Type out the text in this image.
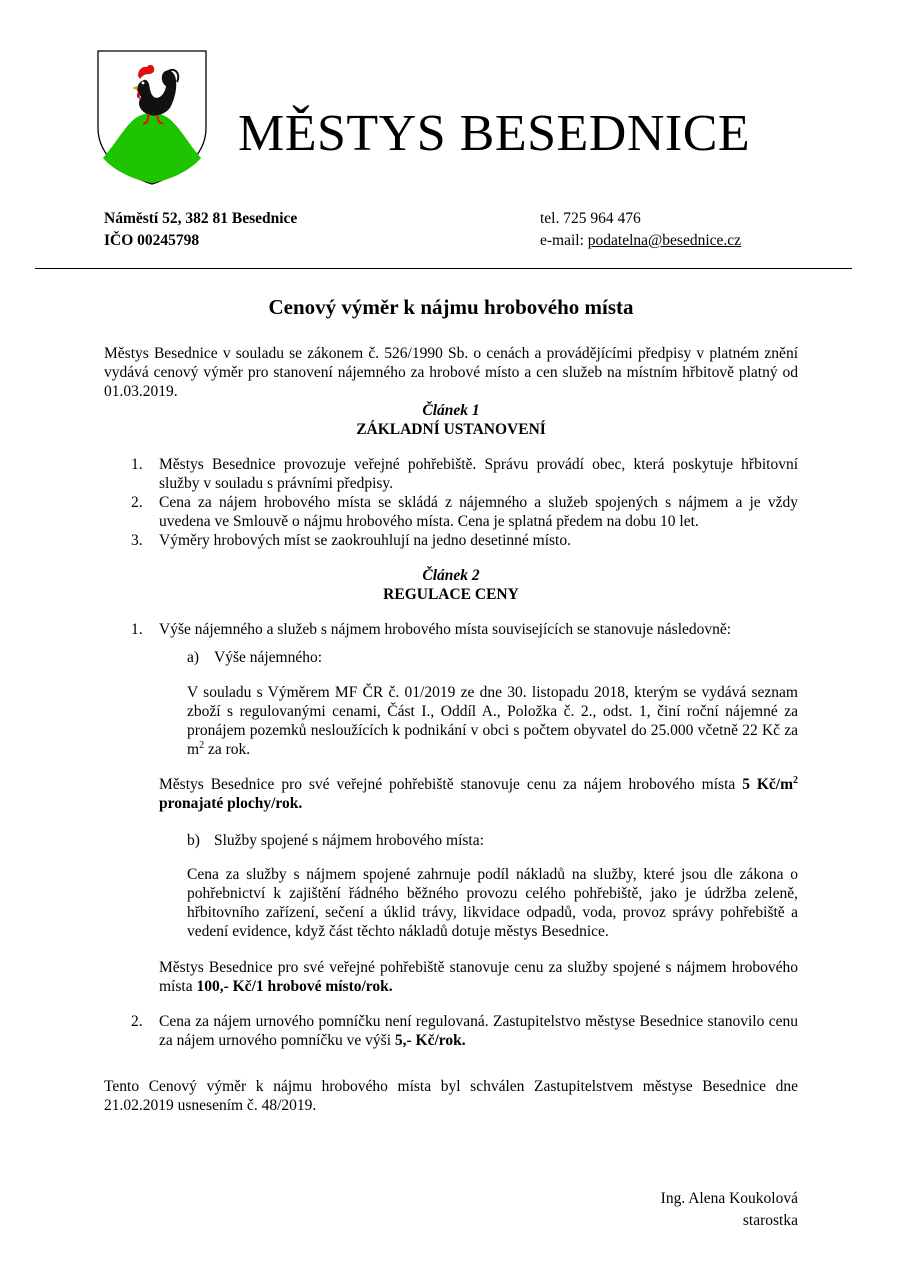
MĚSTYS BESEDNICE
Náměstí 52, 382 81 Besednice
IČO 00245798
tel. 725 964 476
e-mail: podatelna@besednice.cz
Cenový výměr k nájmu hrobového místa
Městys Besednice v souladu se zákonem č. 526/1990 Sb. o cenách a provádějícími předpisy v platném znění vydává cenový výměr pro stanovení nájemného za hrobové místo a cen služeb na místním hřbitově platný od 01.03.2019.
Článek 1
ZÁKLADNÍ USTANOVENÍ
1. Městys Besednice provozuje veřejné pohřebiště. Správu provádí obec, která poskytuje hřbitovní služby v souladu s právními předpisy.
2. Cena za nájem hrobového místa se skládá z nájemného a služeb spojených s nájmem a je vždy uvedena ve Smlouvě o nájmu hrobového místa. Cena je splatná předem na dobu 10 let.
3. Výměry hrobových míst se zaokrouhlují na jedno desetinné místo.
Článek 2
REGULACE CENY
1. Výše nájemného a služeb s nájmem hrobového místa souvisejících se stanovuje následovně:
a) Výše nájemného:
V souladu s Výměrem MF ČR č. 01/2019 ze dne 30. listopadu 2018, kterým se vydává seznam zboží s regulovanými cenami, Část I., Oddíl A., Položka č. 2., odst. 1, činí roční nájemné za pronájem pozemků nesloužících k podnikání v obci s počtem obyvatel do 25.000 včetně 22 Kč za $m^2$ za rok.
Městys Besednice pro své veřejné pohřebiště stanovuje cenu za nájem hrobového místa 5 $Kč/m^2$ pronajaté plochy/rok.
b) Služby spojené s nájmem hrobového místa:
Cena za služby s nájmem spojené zahrnuje podíl nákladů na služby, které jsou dle zákona o pohřebnictví k zajištění řádného běžného provozu celého pohřebiště, jako je údržba zeleně, hřbitovního zařízení, sečení a úklid trávy, likvidace odpadů, voda, provoz správy pohřebiště a vedení evidence, když část těchto nákladů dotuje městys Besednice.
Městys Besednice pro své veřejné pohřebiště stanovuje cenu za služby spojené s nájmem hrobového místa 100,- Kč/1 hrobové místo/rok.
2. Cena za nájem urnového pomníčku není regulovaná. Zastupitelstvo městyse Besednice stanovilo cenu za nájem urnového pomníčku ve výši 5,- Kč/rok.
Tento Cenový výměr k nájmu hrobového místa byl schválen Zastupitelstvem městyse Besednice dne 21.02.2019 usnesením č. 48/2019.
Ing. Alena Koukolová
starostka
